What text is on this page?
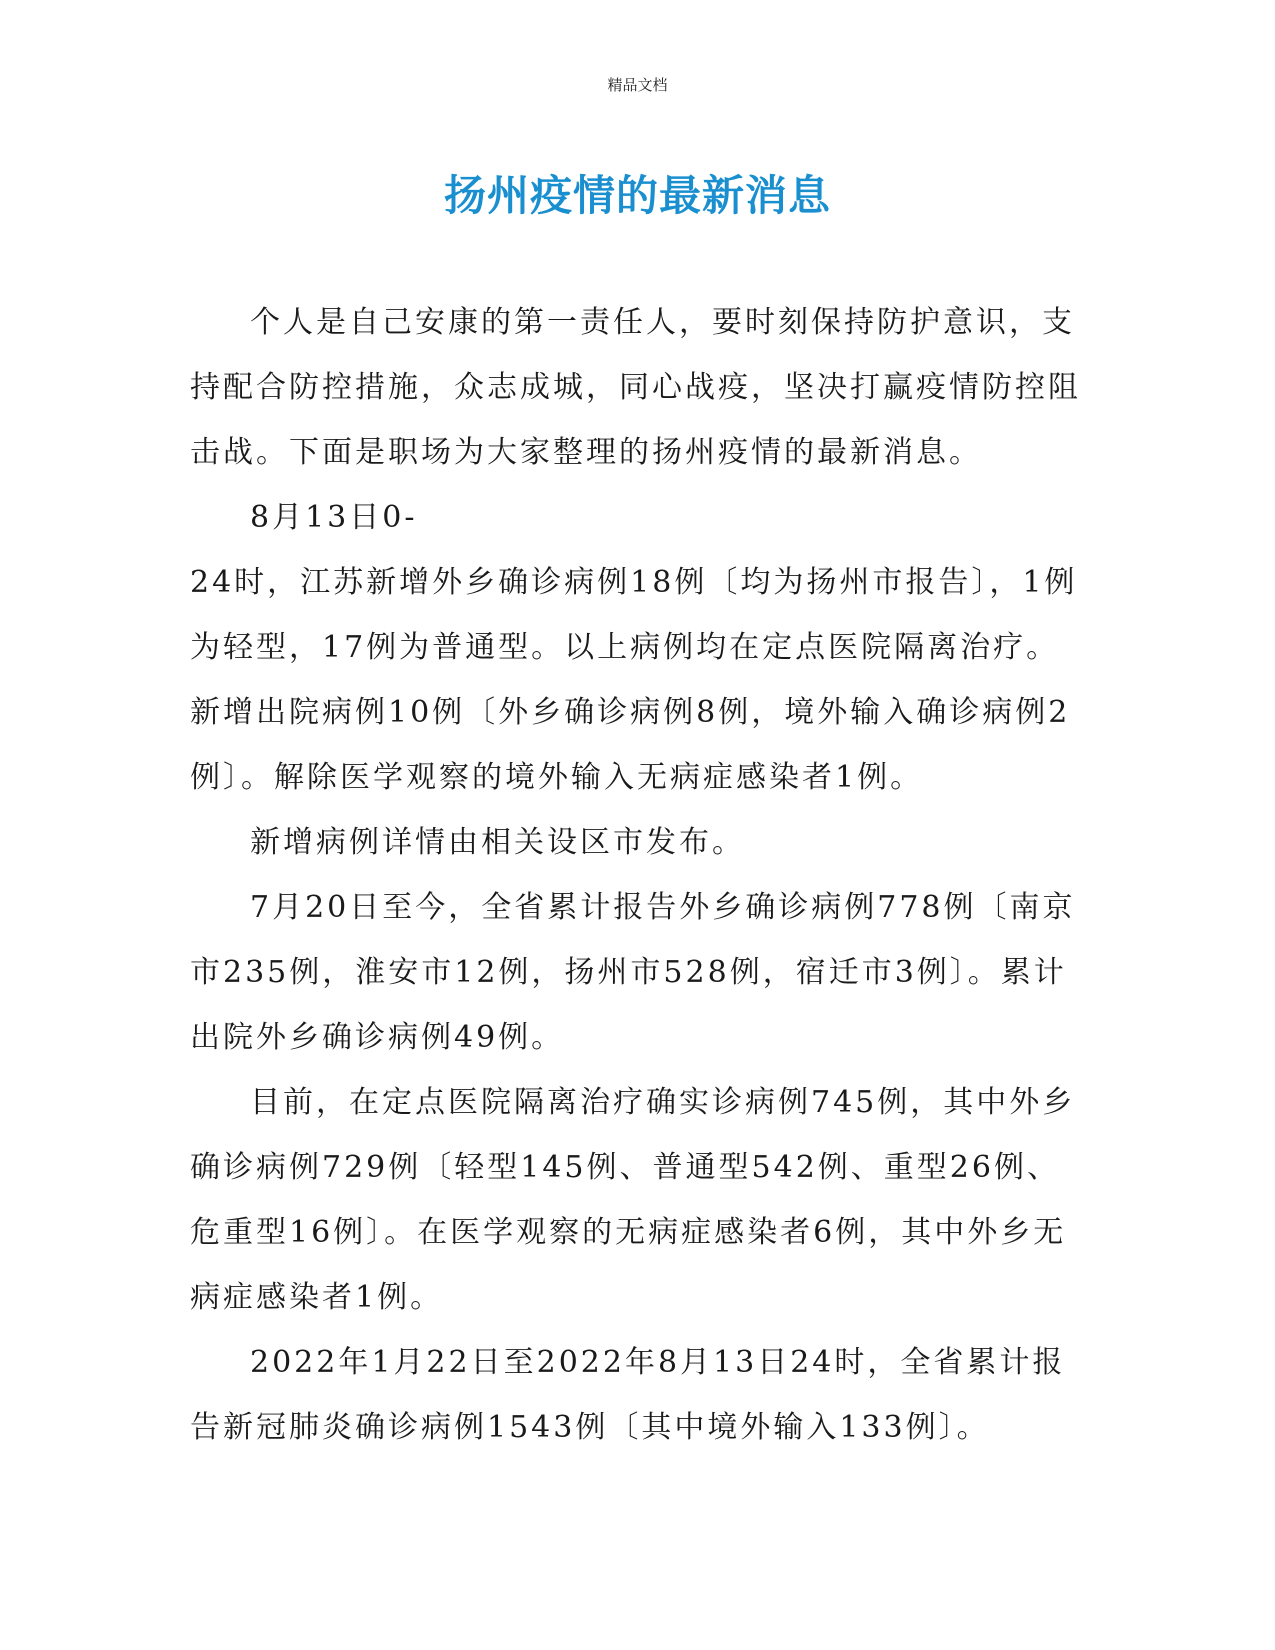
精品文档
扬州疫情的最新消息

个人是自己安康的第一责任人，要时刻保持防护意识，支持配合防控措施，众志成城，同心战疫，坚决打赢疫情防控阻击战。下面是职场为大家整理的扬州疫情的最新消息。

8月13日0-

24时，江苏新增外乡确诊病例18例〔均为扬州市报告〕，1例为轻型，17例为普通型。以上病例均在定点医院隔离治疗。新增出院病例10例〔外乡确诊病例8例，境外输入确诊病例2例〕。解除医学观察的境外输入无病症感染者1例。

新增病例详情由相关设区市发布。

7月20日至今，全省累计报告外乡确诊病例778例〔南京市235例，淮安市12例，扬州市528例，宿迁市3例〕。累计出院外乡确诊病例49例。

目前，在定点医院隔离治疗确实诊病例745例，其中外乡确诊病例729例〔轻型145例、普通型542例、重型26例、危重型16例〕。在医学观察的无病症感染者6例，其中外乡无病症感染者1例。

2022年1月22日至2022年8月13日24时，全省累计报告新冠肺炎确诊病例1543例〔其中境外输入133例〕。
